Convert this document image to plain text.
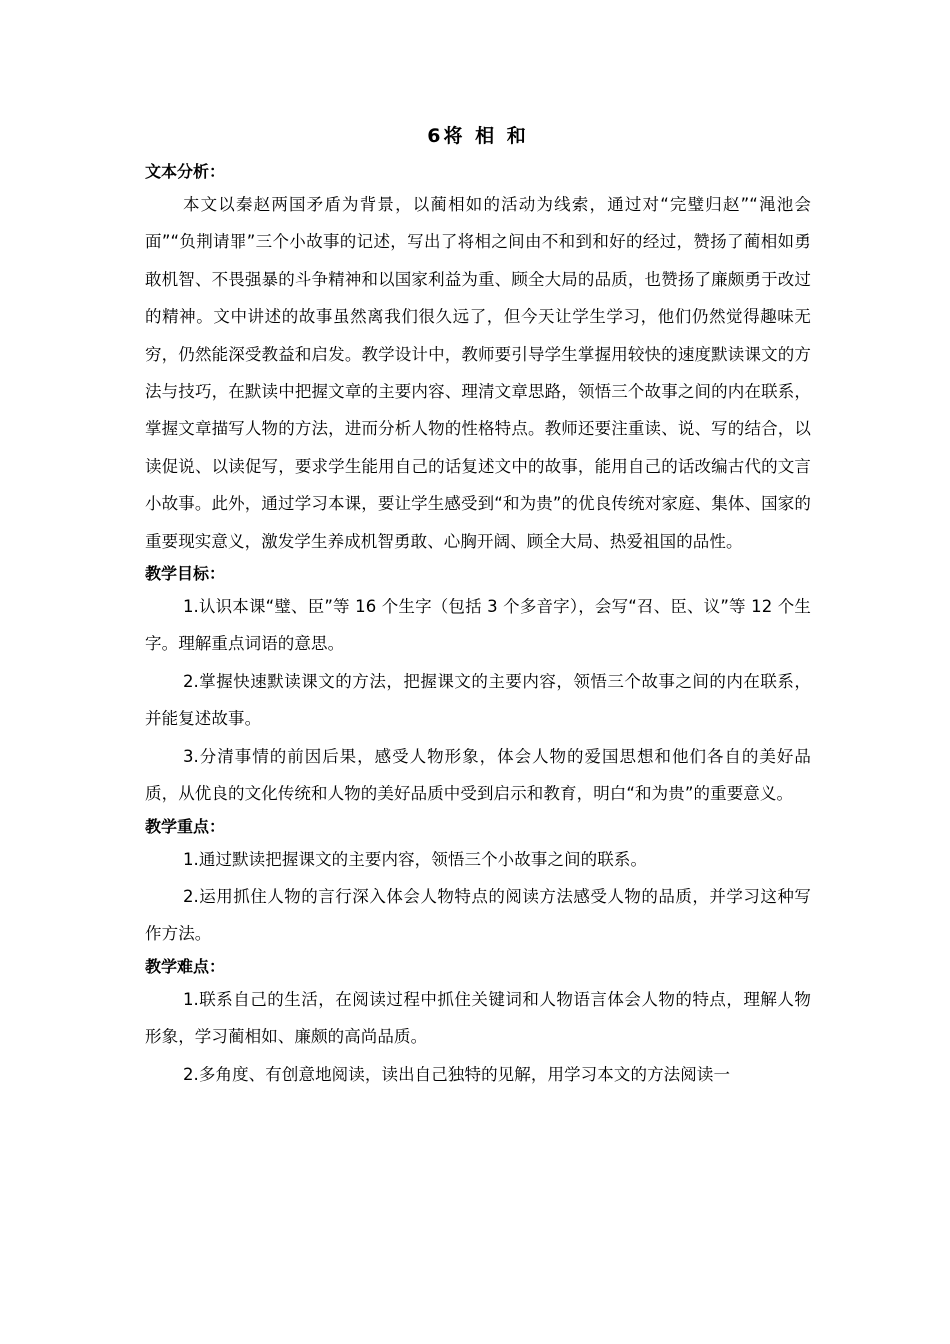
6将 相 和
文本分析：

本文以秦赵两国矛盾为背景，以蔺相如的活动为线索，通过对“完璧归赵”“渑池会面”“负荆请罪”三个小故事的记述，写出了将相之间由不和到和好的经过，赞扬了蔺相如勇敢机智、不畏强暴的斗争精神和以国家利益为重、顾全大局的品质，也赞扬了廉颇勇于改过的精神。文中讲述的故事虽然离我们很久远了，但今天让学生学习，他们仍然觉得趣味无穷，仍然能深受教益和启发。教学设计中，教师要引导学生掌握用较快的速度默读课文的方法与技巧，在默读中把握文章的主要内容、理清文章思路，领悟三个故事之间的内在联系，掌握文章描写人物的方法，进而分析人物的性格特点。教师还要注重读、说、写的结合，以读促说、以读促写，要求学生能用自己的话复述文中的故事，能用自己的话改编古代的文言小故事。此外，通过学习本课，要让学生感受到“和为贵”的优良传统对家庭、集体、国家的重要现实意义，激发学生养成机智勇敢、心胸开阔、顾全大局、热爱祖国的品性。

教学目标：

1.认识本课“璧、臣”等 16 个生字（包括 3 个多音字），会写“召、臣、议”等 12 个生字。理解重点词语的意思。

2.掌握快速默读课文的方法，把握课文的主要内容，领悟三个故事之间的内在联系，并能复述故事。

3.分清事情的前因后果，感受人物形象，体会人物的爱国思想和他们各自的美好品质，从优良的文化传统和人物的美好品质中受到启示和教育，明白“和为贵”的重要意义。

教学重点：

1.通过默读把握课文的主要内容，领悟三个小故事之间的联系。

2.运用抓住人物的言行深入体会人物特点的阅读方法感受人物的品质，并学习这种写作方法。

教学难点：

1.联系自己的生活，在阅读过程中抓住关键词和人物语言体会人物的特点，理解人物形象，学习蔺相如、廉颇的高尚品质。

2.多角度、有创意地阅读，读出自己独特的见解，用学习本文的方法阅读一
